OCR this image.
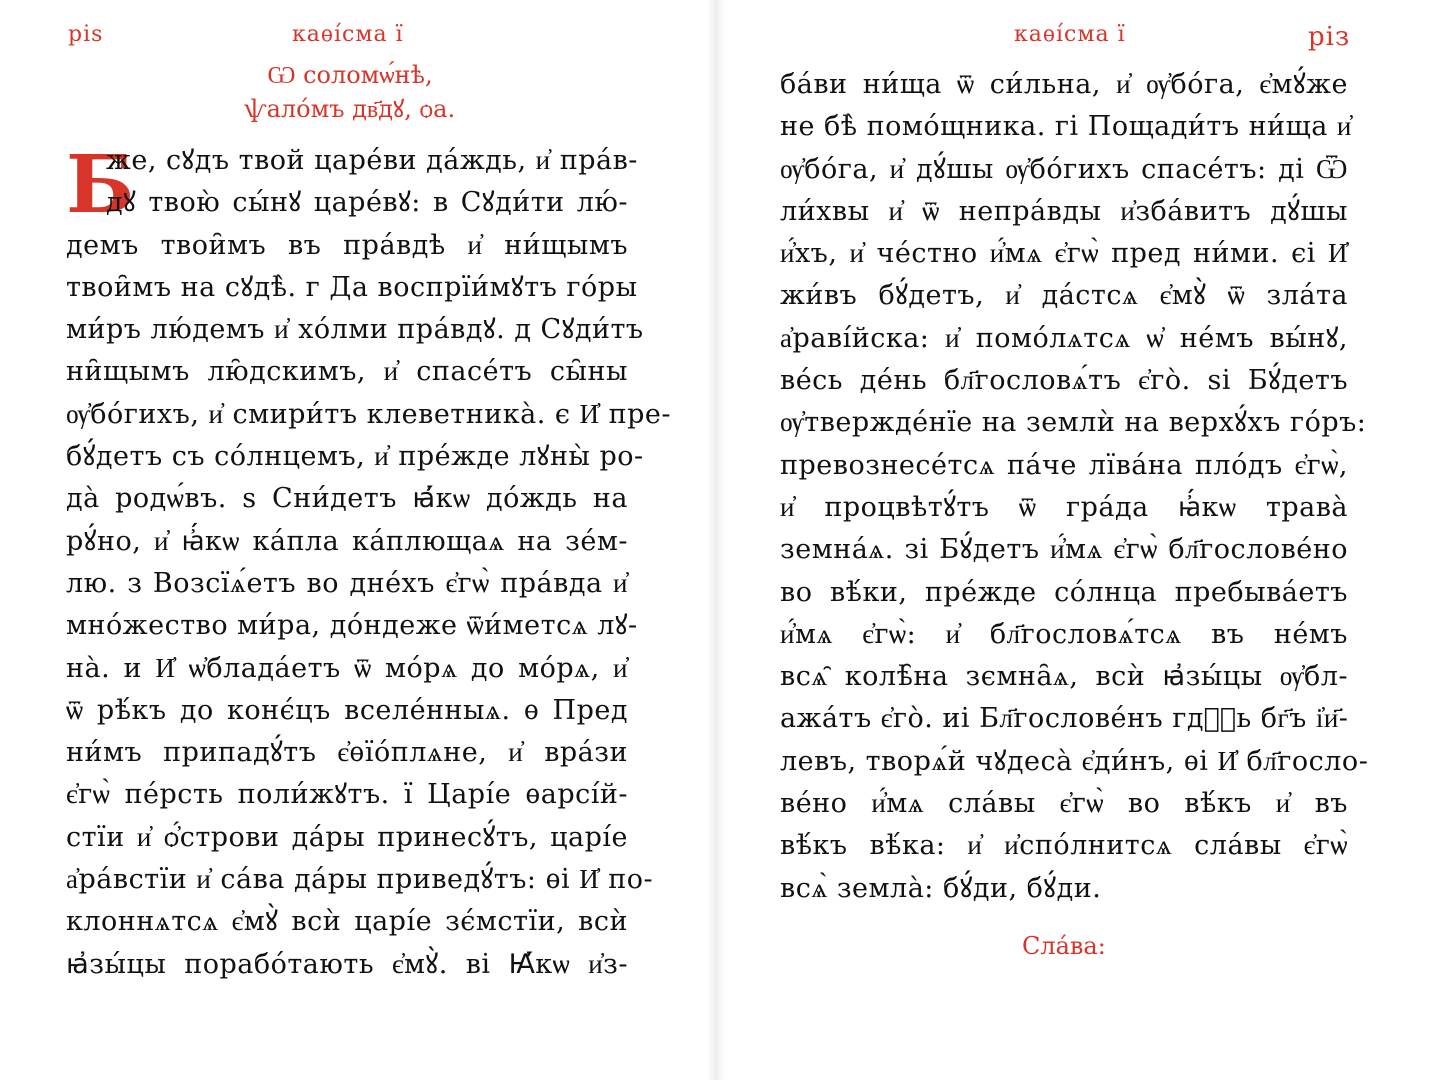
ріѕ	каѳі́сма ї
Ѡ соломѡ́нѣ,
ѱало́мъ дв҃дꙋ, ѻа.
Б
же, сꙋдъ твой царе́ви да́ждь, и҆ пра́в-
дꙋ твою̀ сы́нꙋ царе́вꙋ: в Сꙋди́ти лю́-
демъ твои̑мъ въ пра́вдѣ и҆ ни́щымъ
твои̑мъ на сꙋдѣ̀. г Да воспрїи́мꙋтъ го́ры
ми́ръ лю́демъ и҆ хо́лми пра́вдꙋ. д Сꙋди́тъ
ни̑щымъ лю̑дскимъ, и҆ спасе́тъ сы̑ны
ѹ҆бо́гихъ, и҆ смири́тъ клеветника̀. є И҆ пре-
бꙋ́детъ съ со́лнцемъ, и҆ пре́жде лꙋны̀ ро-
да̀ родѡ́въ. ѕ Сни́детъ ꙗ҆́кѡ до́ждь на
рꙋ́но, и҆ ꙗ҆́кѡ ка́пла ка́плющаѧ на зе́м-
лю. з Возсїѧ́етъ во дне́хъ є҆гѡ̀ пра́вда и҆
мно́жество ми́ра, до́ндеже ѿи́метсѧ лꙋ-
на̀. и И҆ ѡ҆блада́етъ ѿ мо́рѧ до мо́рѧ, и҆
ѿ рѣ́къ до конє́цъ вселе́нныѧ. ѳ Пред
ни́мъ припадꙋ́тъ є҆ѳїо́плѧне, и҆ вра́зи
є҆гѡ̀ пе́рсть поли́жꙋтъ. ї Царі́е ѳарсі́й-
стїи и҆ ѻ҆́строви да́ры принесꙋ́тъ, царі́е
а҆ра́встїи и҆ са́ва да́ры приведꙋ́тъ: ѳі И҆ по-
клоннѧтсѧ є҆мꙋ̀ всѝ царі́е зє́мстїи, всѝ
ꙗ҆зы́цы порабо́тають є҆мꙋ̀. ві Ꙗ҆́кѡ и҆з-
каѳі́сма ї	різ
ба́ви ни́ща ѿ си́льна, и҆ ѹ҆бо́га, є҆мꙋ́же
не бѣ̀ помо́щника. гі Пощади́тъ ни́ща и҆
ѹ҆бо́га, и҆ дꙋ́шы ѹ҆бо́гихъ спасе́тъ: ді Ѿ
ли́хвы и҆ ѿ непра́вды и҆зба́витъ дꙋ́шы
и҆́хъ, и҆ че́стно и҆́мѧ є҆гѡ̀ пред ни́ми. єі И҆
жи́въ бꙋ́детъ, и҆ да́стсѧ є҆мꙋ̀ ѿ зла́та
а҆раві́йска: и҆ помо́лѧтсѧ ѡ҆ не́мъ вы́нꙋ,
ве́сь де́нь бл҃гословѧ́тъ є҆го̀. ѕі Бꙋ́детъ
ѹ҆твержде́нїе на землѝ на верхꙋ́хъ го́ръ:
превознесе́тсѧ па́че лїва́на пло́дъ є҆гѡ̀,
и҆ процвѣтꙋ́тъ ѿ гра́да ꙗ҆́кѡ трава̀
земна́ѧ. зі Бꙋ́детъ и҆́мѧ є҆гѡ̀ бл҃гослове́но
во вѣ́ки, пре́жде со́лнца пребыва́етъ
и҆́мѧ є҆гѡ̀: и҆ бл҃гословѧ́тсѧ въ не́мъ
всѧ̑ колѣ̑на зємна̑ѧ, всѝ ꙗ҆зы́цы ѹ҆бл-
ажа́тъ є҆го̀. иі Бл҃гослове́нъ гдⷭ҇ь бг҃ъ і҆и҃-
левъ, творѧ́й чꙋдеса̀ є҆ди́нъ, ѳі И҆ бл҃госло-
ве́но и҆́мѧ сла́вы є҆гѡ̀ во вѣ́къ и҆ въ
вѣ́къ вѣ́ка: и҆ и҆спо́лнитсѧ сла́вы є҆гѡ̀
всѧ̀ земла̀: бꙋ́ди, бꙋ́ди.
Сла́ва:
